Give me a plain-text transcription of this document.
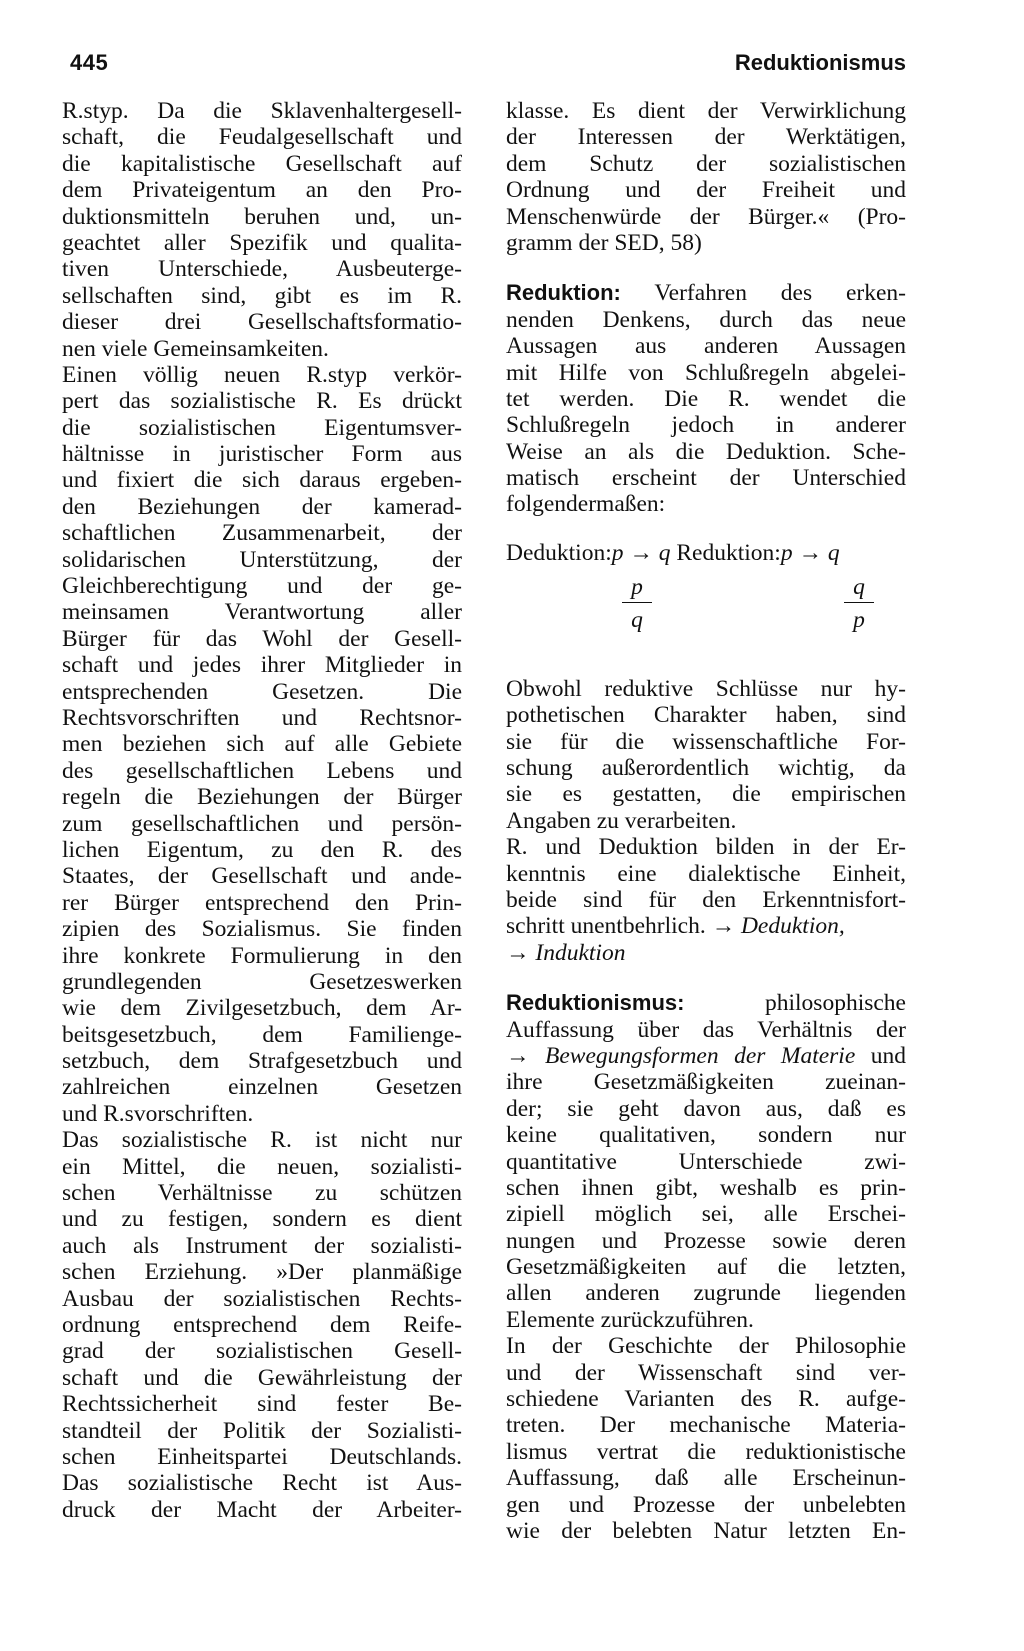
445	Reduktionismus
R.styp. Da die Sklavenhaltergesell-
schaft, die Feudalgesellschaft und
die kapitalistische Gesellschaft auf
dem Privateigentum an den Pro-
duktionsmitteln beruhen und, un-
geachtet aller Spezifik und qualita-
tiven Unterschiede, Ausbeuterge-
sellschaften sind, gibt es im R.
dieser drei Gesellschaftsformatio-
nen viele Gemeinsamkeiten.
Einen völlig neuen R.styp verkör-
pert das sozialistische R. Es drückt
die sozialistischen Eigentumsver-
hältnisse in juristischer Form aus
und fixiert die sich daraus ergeben-
den Beziehungen der kamerad-
schaftlichen Zusammenarbeit, der
solidarischen Unterstützung, der
Gleichberechtigung und der ge-
meinsamen Verantwortung aller
Bürger für das Wohl der Gesell-
schaft und jedes ihrer Mitglieder in
entsprechenden Gesetzen. Die
Rechtsvorschriften und Rechtsnor-
men beziehen sich auf alle Gebiete
des gesellschaftlichen Lebens und
regeln die Beziehungen der Bürger
zum gesellschaftlichen und persön-
lichen Eigentum, zu den R. des
Staates, der Gesellschaft und ande-
rer Bürger entsprechend den Prin-
zipien des Sozialismus. Sie finden
ihre konkrete Formulierung in den
grundlegenden Gesetzeswerken
wie dem Zivilgesetzbuch, dem Ar-
beitsgesetzbuch, dem Familienge-
setzbuch, dem Strafgesetzbuch und
zahlreichen einzelnen Gesetzen
und R.svorschriften.
Das sozialistische R. ist nicht nur
ein Mittel, die neuen, sozialisti-
schen Verhältnisse zu schützen
und zu festigen, sondern es dient
auch als Instrument der sozialisti-
schen Erziehung. »Der planmäßige
Ausbau der sozialistischen Rechts-
ordnung entsprechend dem Reife-
grad der sozialistischen Gesell-
schaft und die Gewährleistung der
Rechtssicherheit sind fester Be-
standteil der Politik der Sozialisti-
schen Einheitspartei Deutschlands.
Das sozialistische Recht ist Aus-
druck der Macht der Arbeiter-
klasse. Es dient der Verwirklichung
der Interessen der Werktätigen,
dem Schutz der sozialistischen
Ordnung und der Freiheit und
Menschenwürde der Bürger.« (Pro-
gramm der SED, 58)
Reduktion: Verfahren des erken-
nenden Denkens, durch das neue
Aussagen aus anderen Aussagen
mit Hilfe von Schlußregeln abgelei-
tet werden. Die R. wendet die
Schlußregeln jedoch in anderer
Weise an als die Deduktion. Sche-
matisch erscheint der Unterschied
folgendermaßen:
Deduktion:p → q Reduktion:p → q
$\frac{p}{q}$	$\frac{q}{p}$
Obwohl reduktive Schlüsse nur hy-
pothetischen Charakter haben, sind
sie für die wissenschaftliche For-
schung außerordentlich wichtig, da
sie es gestatten, die empirischen
Angaben zu verarbeiten.
R. und Deduktion bilden in der Er-
kenntnis eine dialektische Einheit,
beide sind für den Erkenntnisfort-
schritt unentbehrlich. → Deduktion,
→ Induktion
Reduktionismus: philosophische
Auffassung über das Verhältnis der
→ Bewegungsformen der Materie und
ihre Gesetzmäßigkeiten zueinan-
der; sie geht davon aus, daß es
keine qualitativen, sondern nur
quantitative Unterschiede zwi-
schen ihnen gibt, weshalb es prin-
zipiell möglich sei, alle Erschei-
nungen und Prozesse sowie deren
Gesetzmäßigkeiten auf die letzten,
allen anderen zugrunde liegenden
Elemente zurückzuführen.
In der Geschichte der Philosophie
und der Wissenschaft sind ver-
schiedene Varianten des R. aufge-
treten. Der mechanische Materia-
lismus vertrat die reduktionistische
Auffassung, daß alle Erscheinun-
gen und Prozesse der unbelebten
wie der belebten Natur letzten En-
